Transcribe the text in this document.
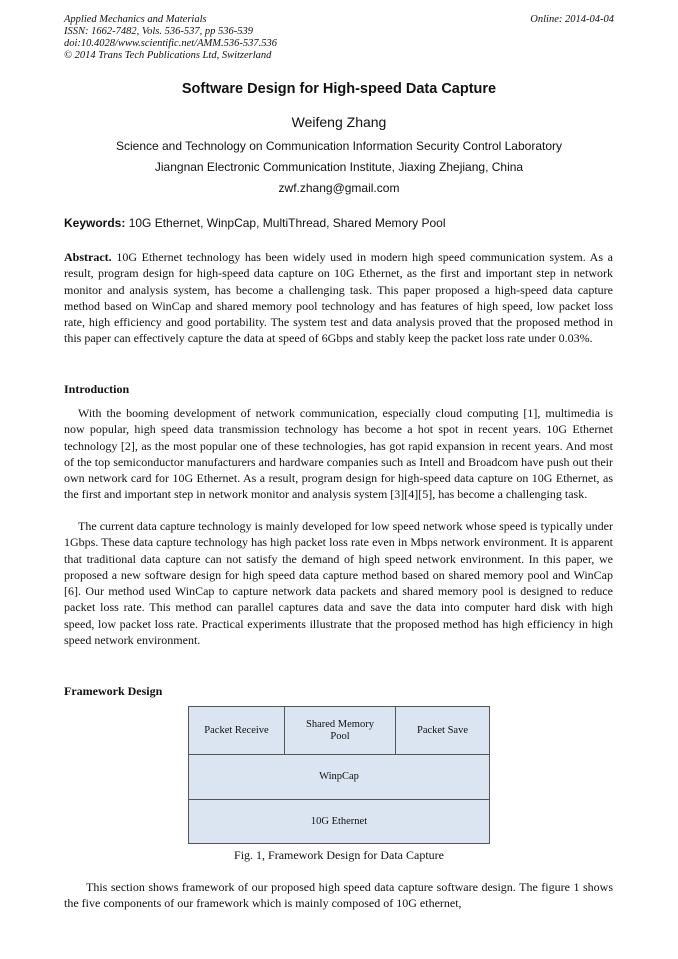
Applied Mechanics and Materials
ISSN: 1662-7482, Vols. 536-537, pp 536-539
doi:10.4028/www.scientific.net/AMM.536-537.536
© 2014 Trans Tech Publications Ltd, Switzerland
Online: 2014-04-04
Software Design for High-speed Data Capture
Weifeng Zhang
Science and Technology on Communication Information Security Control Laboratory
Jiangnan Electronic Communication Institute, Jiaxing Zhejiang, China
zwf.zhang@gmail.com
Keywords: 10G Ethernet, WinpCap, MultiThread, Shared Memory Pool

Abstract. 10G Ethernet technology has been widely used in modern high speed communication system. As a result, program design for high-speed data capture on 10G Ethernet, as the first and important step in network monitor and analysis system, has become a challenging task. This paper proposed a high-speed data capture method based on WinCap and shared memory pool technology and has features of high speed, low packet loss rate, high efficiency and good portability. The system test and data analysis proved that the proposed method in this paper can effectively capture the data at speed of 6Gbps and stably keep the packet loss rate under 0.03%.

Introduction

With the booming development of network communication, especially cloud computing [1], multimedia is now popular, high speed data transmission technology has become a hot spot in recent years. 10G Ethernet technology [2], as the most popular one of these technologies, has got rapid expansion in recent years. And most of the top semiconductor manufacturers and hardware companies such as Intell and Broadcom have push out their own network card for 10G Ethernet. As a result, program design for high-speed data capture on 10G Ethernet, as the first and important step in network monitor and analysis system [3][4][5], has become a challenging task.

The current data capture technology is mainly developed for low speed network whose speed is typically under 1Gbps. These data capture technology has high packet loss rate even in Mbps network environment. It is apparent that traditional data capture can not satisfy the demand of high speed network environment. In this paper, we proposed a new software design for high speed data capture method based on shared memory pool and WinCap [6]. Our method used WinCap to capture network data packets and shared memory pool is designed to reduce packet loss rate. This method can parallel captures data and save the data into computer hard disk with high speed, low packet loss rate. Practical experiments illustrate that the proposed method has high efficiency in high speed network environment.

Framework Design
Packet Receive
Shared Memory Pool
Packet Save
WinpCap
10G Ethernet
Fig. 1, Framework Design for Data Capture

This section shows framework of our proposed high speed data capture software design. The figure 1 shows the five components of our framework which is mainly composed of 10G ethernet,
